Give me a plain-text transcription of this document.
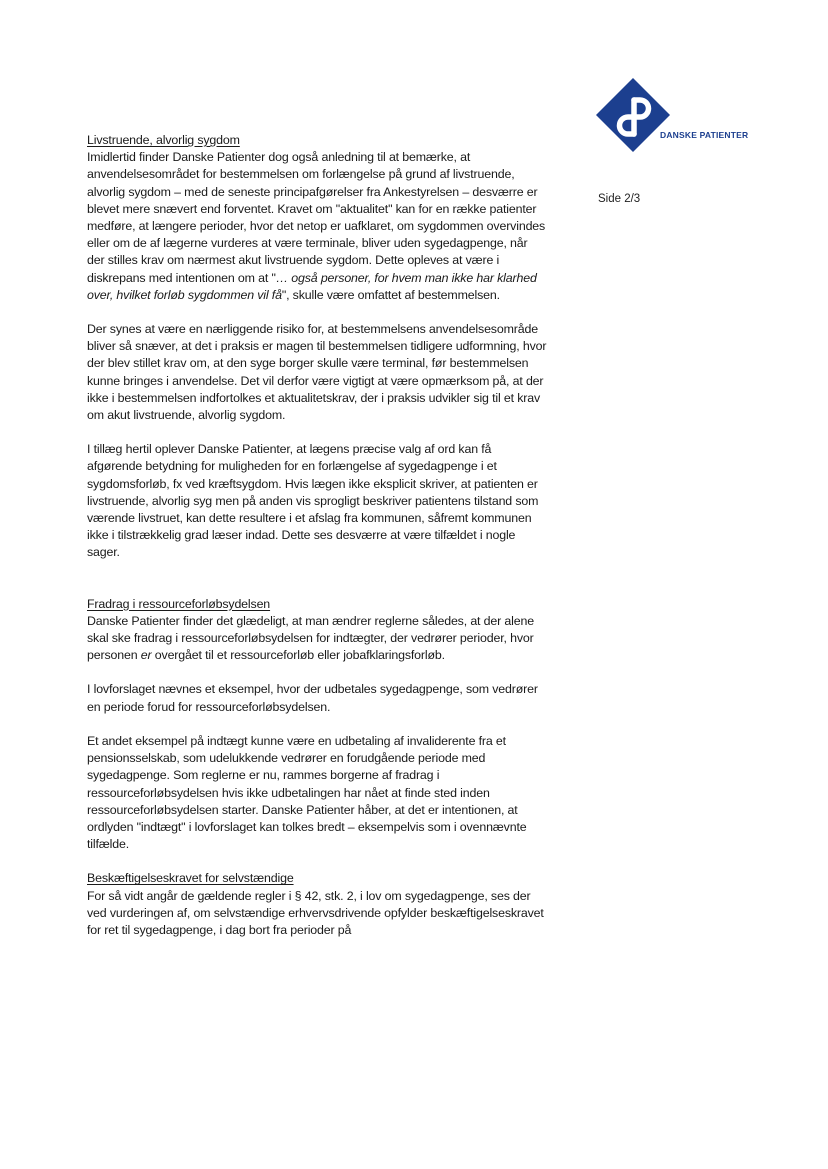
DANSKE PATIENTER
Side 2/3

Livstruende, alvorlig sygdom

Imidlertid finder Danske Patienter dog også anledning til at bemærke, at anvendelsesområdet for bestemmelsen om forlængelse på grund af livstruende, alvorlig sygdom – med de seneste principafgørelser fra Ankestyrelsen – desværre er blevet mere snævert end forventet. Kravet om "aktualitet" kan for en række patienter medføre, at længere perioder, hvor det netop er uafklaret, om sygdommen overvindes eller om de af lægerne vurderes at være terminale, bliver uden sygedagpenge, når der stilles krav om nærmest akut livstruende sygdom. Dette opleves at være i diskrepans med intentionen om at "… også personer, for hvem man ikke har klarhed over, hvilket forløb sygdommen vil få", skulle være omfattet af bestemmelsen.

Der synes at være en nærliggende risiko for, at bestemmelsens anvendelsesområde bliver så snæver, at det i praksis er magen til bestemmelsen tidligere udformning, hvor der blev stillet krav om, at den syge borger skulle være terminal, før bestemmelsen kunne bringes i anvendelse. Det vil derfor være vigtigt at være opmærksom på, at der ikke i bestemmelsen indfortolkes et aktualitetskrav, der i praksis udvikler sig til et krav om akut livstruende, alvorlig sygdom.

I tillæg hertil oplever Danske Patienter, at lægens præcise valg af ord kan få afgørende betydning for muligheden for en forlængelse af sygedagpenge i et sygdomsforløb, fx ved kræftsygdom. Hvis lægen ikke eksplicit skriver, at patienten er livstruende, alvorlig syg men på anden vis sprogligt beskriver patientens tilstand som værende livstruet, kan dette resultere i et afslag fra kommunen, såfremt kommunen ikke i tilstrækkelig grad læser indad. Dette ses desværre at være tilfældet i nogle sager.

Fradrag i ressourceforløbsydelsen

Danske Patienter finder det glædeligt, at man ændrer reglerne således, at der alene skal ske fradrag i ressourceforløbsydelsen for indtægter, der vedrører perioder, hvor personen er overgået til et ressourceforløb eller jobafklaringsforløb.

I lovforslaget nævnes et eksempel, hvor der udbetales sygedagpenge, som vedrører en periode forud for ressourceforløbsydelsen.

Et andet eksempel på indtægt kunne være en udbetaling af invaliderente fra et pensionsselskab, som udelukkende vedrører en forudgående periode med sygedagpenge. Som reglerne er nu, rammes borgerne af fradrag i ressourceforløbsydelsen hvis ikke udbetalingen har nået at finde sted inden ressourceforløbsydelsen starter. Danske Patienter håber, at det er intentionen, at ordlyden "indtægt" i lovforslaget kan tolkes bredt – eksempelvis som i ovennævnte tilfælde.

Beskæftigelseskravet for selvstændige

For så vidt angår de gældende regler i § 42, stk. 2, i lov om sygedagpenge, ses der ved vurderingen af, om selvstændige erhvervsdrivende opfylder beskæftigelseskravet for ret til sygedagpenge, i dag bort fra perioder på
